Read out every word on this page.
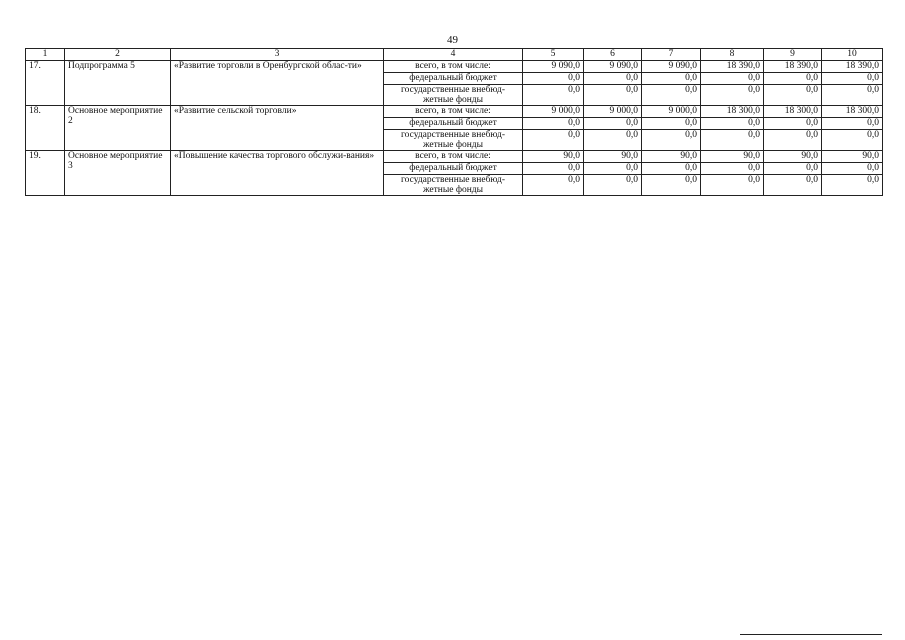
49
1	2	3	4	5	6	7	8	9	10
17.	Подпрограмма 5	«Развитие торговли в Оренбургской облас-ти»	всего, в том числе:	9 090,0	9 090,0	9 090,0	18 390,0	18 390,0	18 390,0
			федеральный бюджет	0,0	0,0	0,0	0,0	0,0	0,0
			государственные внебюд-жетные фонды	0,0	0,0	0,0	0,0	0,0	0,0
18.	Основное мероприятие 2	«Развитие сельской торговли»	всего, в том числе:	9 000,0	9 000,0	9 000,0	18 300,0	18 300,0	18 300,0
			федеральный бюджет	0,0	0,0	0,0	0,0	0,0	0,0
			государственные внебюд-жетные фонды	0,0	0,0	0,0	0,0	0,0	0,0
19.	Основное мероприятие 3	«Повышение качества торгового обслужи-вания»	всего, в том числе:	90,0	90,0	90,0	90,0	90,0	90,0
			федеральный бюджет	0,0	0,0	0,0	0,0	0,0	0,0
			государственные внебюд-жетные фонды	0,0	0,0	0,0	0,0	0,0	0,0
